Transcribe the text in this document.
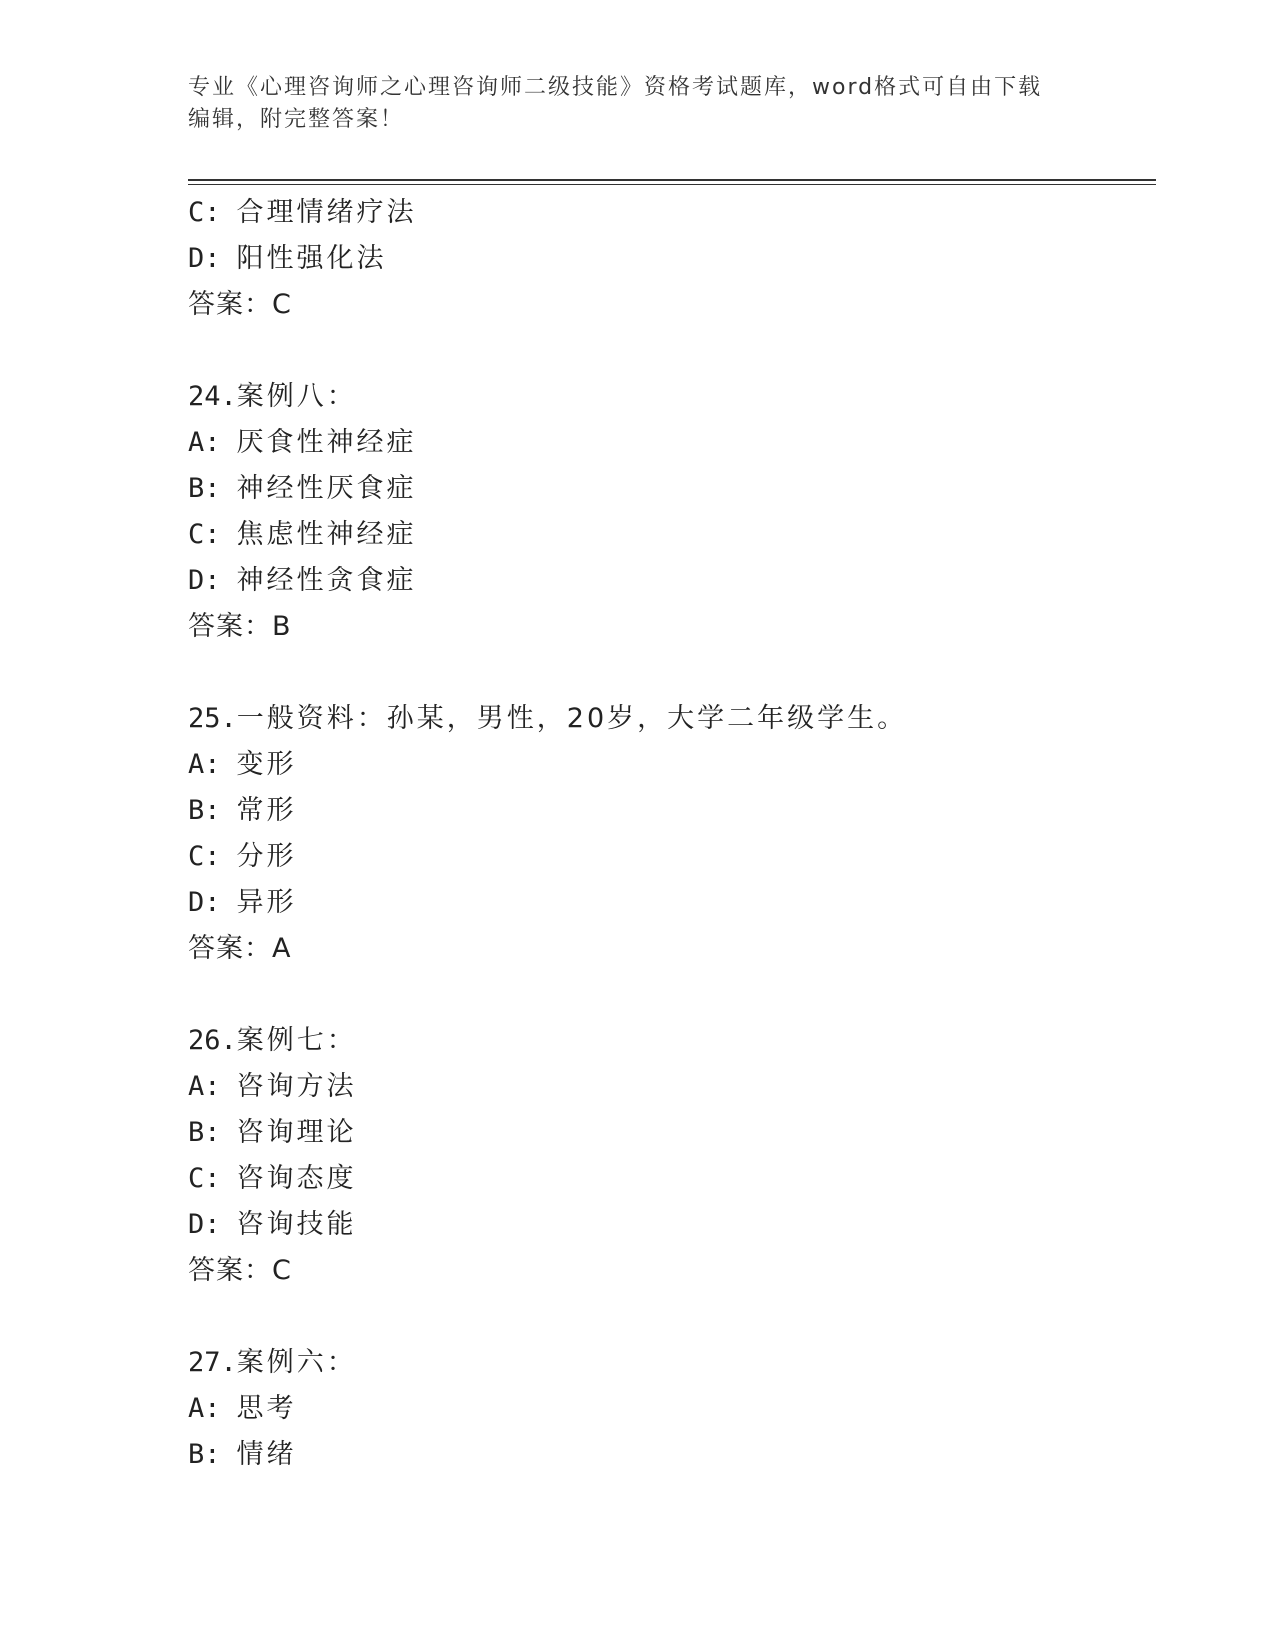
专业《心理咨询师之心理咨询师二级技能》资格考试题库，word格式可自由下载
编辑，附完整答案！
C: 合理情绪疗法
D: 阳性强化法
答案：C
24.案例八：
A: 厌食性神经症
B: 神经性厌食症
C: 焦虑性神经症
D: 神经性贪食症
答案：B
25.一般资料：孙某，男性，20岁，大学二年级学生。
A: 变形
B: 常形
C: 分形
D: 异形
答案：A
26.案例七：
A: 咨询方法
B: 咨询理论
C: 咨询态度
D: 咨询技能
答案：C
27.案例六：
A: 思考
B: 情绪
